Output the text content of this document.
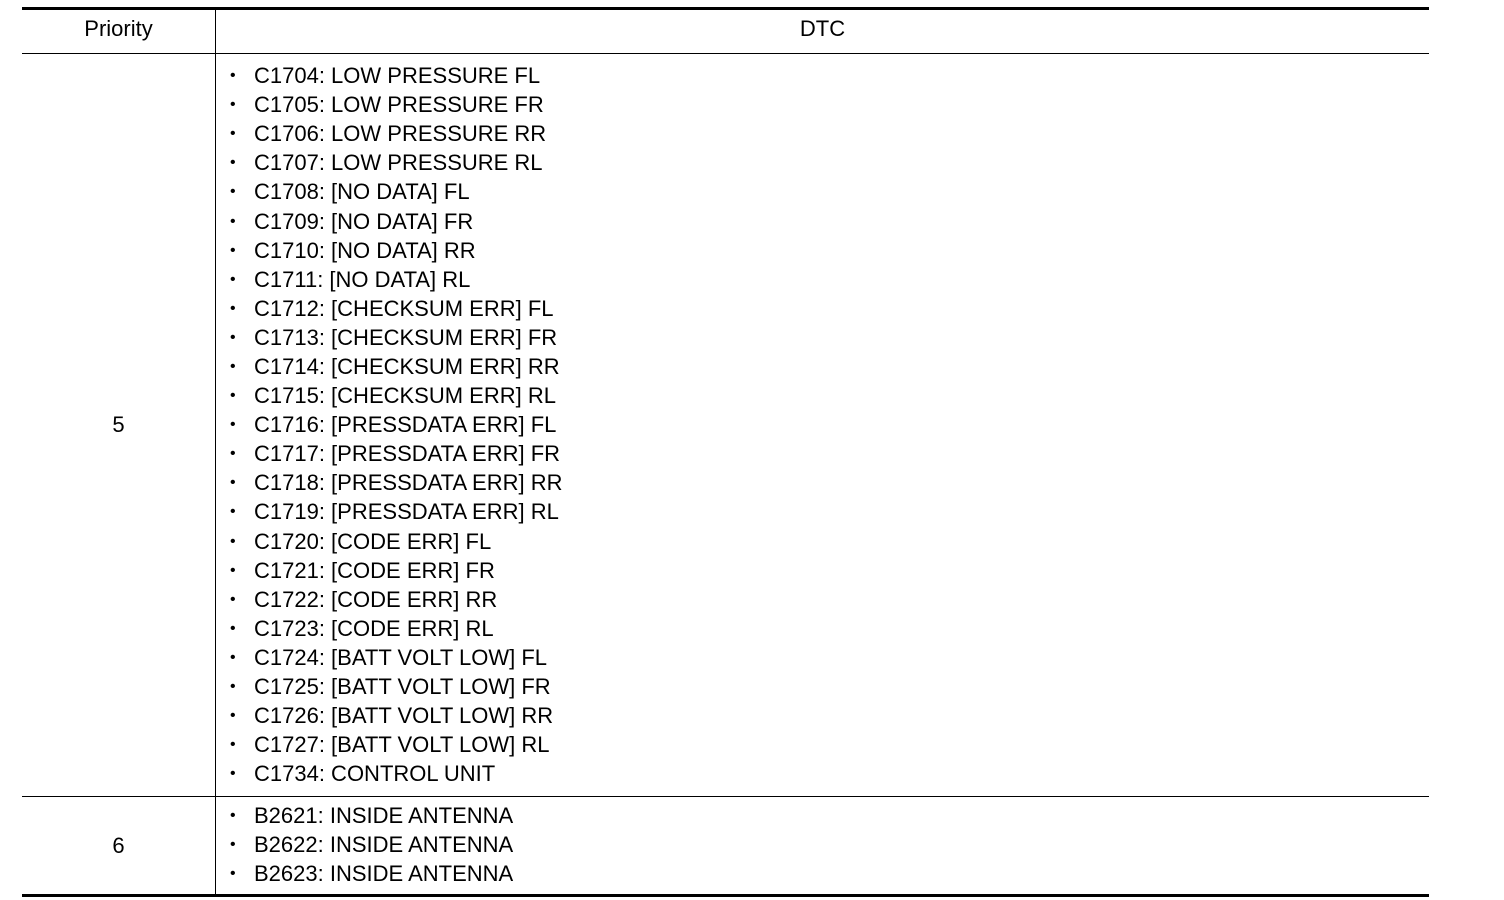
Priority	DTC
5
• C1704: LOW PRESSURE FL
• C1705: LOW PRESSURE FR
• C1706: LOW PRESSURE RR
• C1707: LOW PRESSURE RL
• C1708: [NO DATA] FL
• C1709: [NO DATA] FR
• C1710: [NO DATA] RR
• C1711: [NO DATA] RL
• C1712: [CHECKSUM ERR] FL
• C1713: [CHECKSUM ERR] FR
• C1714: [CHECKSUM ERR] RR
• C1715: [CHECKSUM ERR] RL
• C1716: [PRESSDATA ERR] FL
• C1717: [PRESSDATA ERR] FR
• C1718: [PRESSDATA ERR] RR
• C1719: [PRESSDATA ERR] RL
• C1720: [CODE ERR] FL
• C1721: [CODE ERR] FR
• C1722: [CODE ERR] RR
• C1723: [CODE ERR] RL
• C1724: [BATT VOLT LOW] FL
• C1725: [BATT VOLT LOW] FR
• C1726: [BATT VOLT LOW] RR
• C1727: [BATT VOLT LOW] RL
• C1734: CONTROL UNIT
6
• B2621: INSIDE ANTENNA
• B2622: INSIDE ANTENNA
• B2623: INSIDE ANTENNA
